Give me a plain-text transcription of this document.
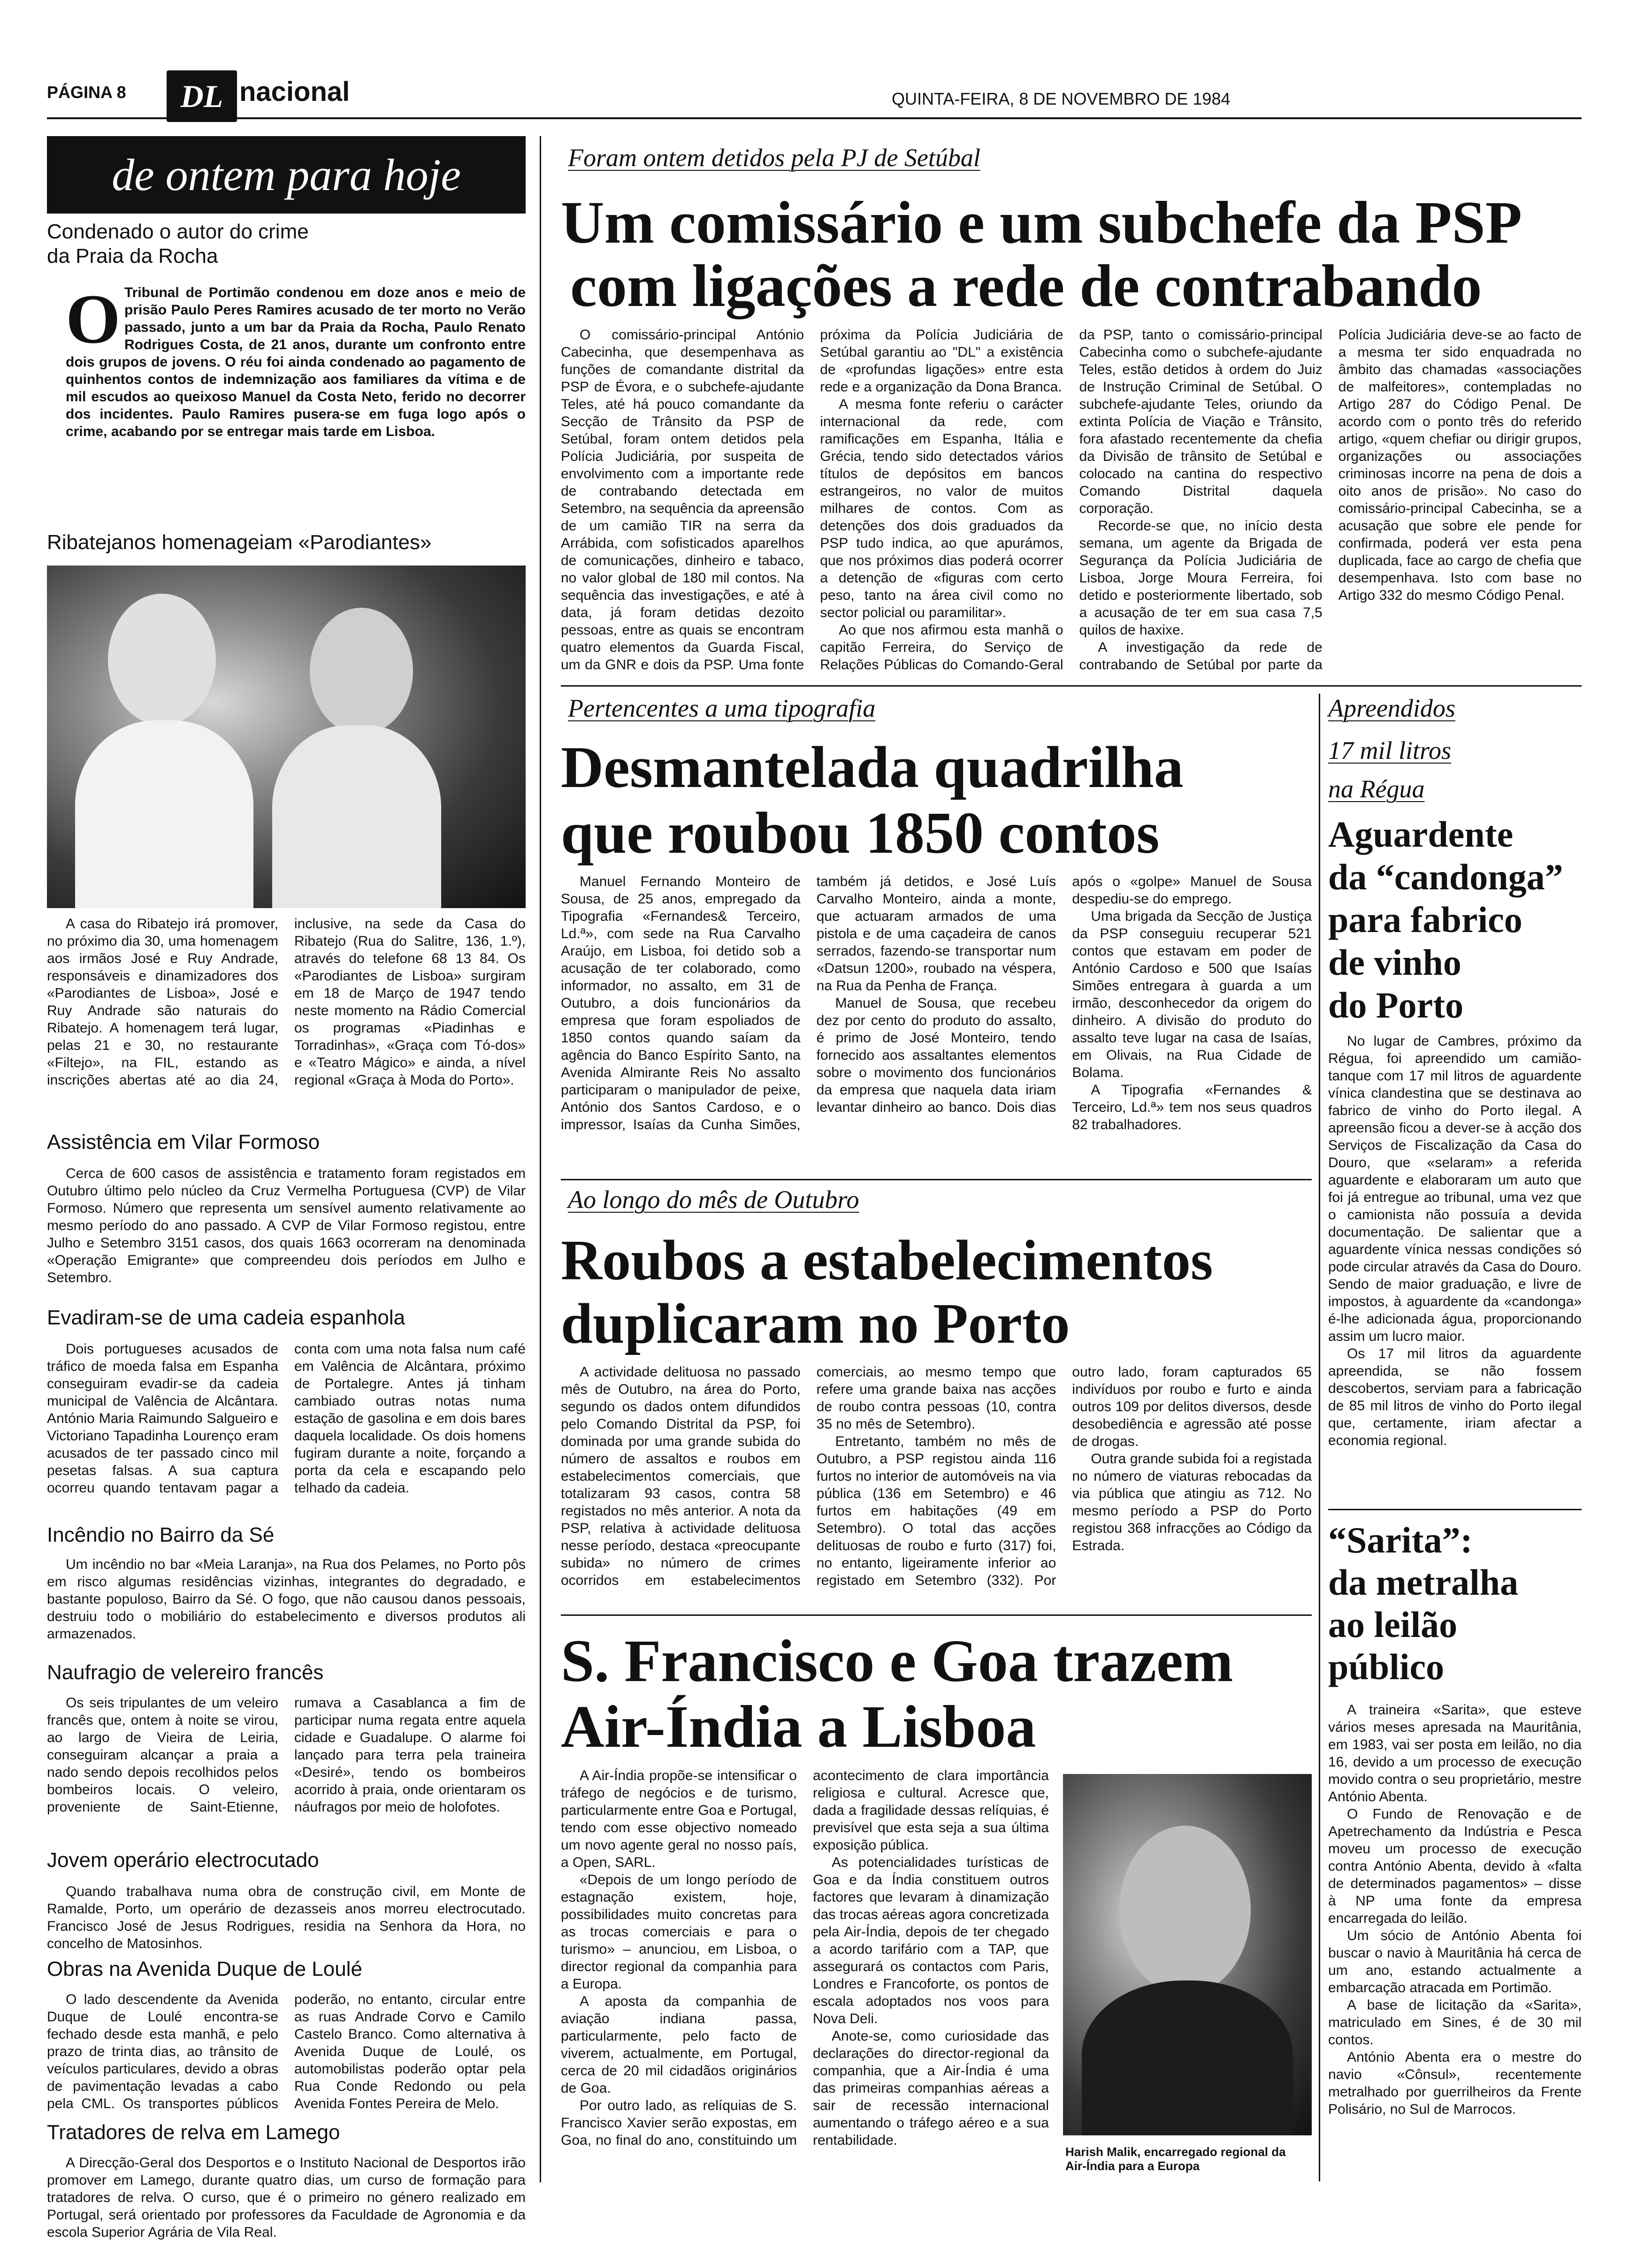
PÁGINA 8	DL nacional	QUINTA-FEIRA, 8 DE NOVEMBRO DE 1984
de ontem para hoje
Condenado o autor do crime
da Praia da Rocha
O Tribunal de Portimão condenou em doze anos e meio de prisão Paulo Peres Ramires acusado de ter morto no Verão passado, junto a um bar da Praia da Rocha, Paulo Renato Rodrigues Costa, de 21 anos, durante um confronto entre dois grupos de jovens. O réu foi ainda condenado ao pagamento de quinhentos contos de indemnização aos familiares da vítima e de mil escudos ao queixoso Manuel da Costa Neto, ferido no decorrer dos incidentes. Paulo Ramires pusera-se em fuga logo após o crime, acabando por se entregar mais tarde em Lisboa.

Ribatejanos homenageiam «Parodiantes»

A casa do Ribatejo irá promover, no próximo dia 30, uma homenagem aos irmãos José e Ruy Andrade, responsáveis e dinamizadores dos «Parodiantes de Lisboa», José e Ruy Andrade são naturais do Ribatejo. A homenagem terá lugar, pelas 21 e 30, no restaurante «Filtejo», na FIL, estando as inscrições abertas até ao dia 24, inclusive, na sede da Casa do Ribatejo (Rua do Salitre, 136, 1.º), através do telefone 68 13 84. Os «Parodiantes de Lisboa» surgiram em 18 de Março de 1947 tendo neste momento na Rádio Comercial os programas «Piadinhas e Torradinhas», «Graça com Tó-dos» e «Teatro Mágico» e ainda, a nível regional «Graça à Moda do Porto».

Assistência em Vilar Formoso

Cerca de 600 casos de assistência e tratamento foram registados em Outubro último pelo núcleo da Cruz Vermelha Portuguesa (CVP) de Vilar Formoso. Número que representa um sensível aumento relativamente ao mesmo período do ano passado. A CVP de Vilar Formoso registou, entre Julho e Setembro 3151 casos, dos quais 1663 ocorreram na denominada «Operação Emigrante» que compreendeu dois períodos em Julho e Setembro.

Evadiram-se de uma cadeia espanhola

Dois portugueses acusados de tráfico de moeda falsa em Espanha conseguiram evadir-se da cadeia municipal de Valência de Alcântara. António Maria Raimundo Salgueiro e Victoriano Tapadinha Lourenço eram acusados de ter passado cinco mil pesetas falsas. A sua captura ocorreu quando tentavam pagar a conta com uma nota falsa num café em Valência de Alcântara, próximo de Portalegre. Antes já tinham cambiado outras notas numa estação de gasolina e em dois bares daquela localidade. Os dois homens fugiram durante a noite, forçando a porta da cela e escapando pelo telhado da cadeia.

Incêndio no Bairro da Sé

Um incêndio no bar «Meia Laranja», na Rua dos Pelames, no Porto pôs em risco algumas residências vizinhas, integrantes do degradado, e bastante populoso, Bairro da Sé. O fogo, que não causou danos pessoais, destruiu todo o mobiliário do estabelecimento e diversos produtos ali armazenados.

Naufragio de velereiro francês

Os seis tripulantes de um veleiro francês que, ontem à noite se virou, ao largo de Vieira de Leiria, conseguiram alcançar a praia a nado sendo depois recolhidos pelos bombeiros locais. O veleiro, proveniente de Saint-Etienne, rumava a Casablanca a fim de participar numa regata entre aquela cidade e Guadalupe. O alarme foi lançado para terra pela traineira «Desiré», tendo os bombeiros acorrido à praia, onde orientaram os náufragos por meio de holofotes.

Jovem operário electrocutado

Quando trabalhava numa obra de construção civil, em Monte de Ramalde, Porto, um operário de dezasseis anos morreu electrocutado. Francisco José de Jesus Rodrigues, residia na Senhora da Hora, no concelho de Matosinhos.

Obras na Avenida Duque de Loulé

O lado descendente da Avenida Duque de Loulé encontra-se fechado desde esta manhã, e pelo prazo de trinta dias, ao trânsito de veículos particulares, devido a obras de pavimentação levadas a cabo pela CML. Os transportes públicos poderão, no entanto, circular entre as ruas Andrade Corvo e Camilo Castelo Branco. Como alternativa à Avenida Duque de Loulé, os automobilistas poderão optar pela Rua Conde Redondo ou pela Avenida Fontes Pereira de Melo.

Tratadores de relva em Lamego

A Direcção-Geral dos Desportos e o Instituto Nacional de Desportos irão promover em Lamego, durante quatro dias, um curso de formação para tratadores de relva. O curso, que é o primeiro no género realizado em Portugal, será orientado por professores da Faculdade de Agronomia e da escola Superior Agrária de Vila Real.

Foram ontem detidos pela PJ de Setúbal
Um comissário e um subchefe da PSP
com ligações a rede de contrabando

O comissário-principal António Cabecinha, que desempenhava as funções de comandante distrital da PSP de Évora, e o subchefe-ajudante Teles, até há pouco comandante da Secção de Trânsito da PSP de Setúbal, foram ontem detidos pela Polícia Judiciária, por suspeita de envolvimento com a importante rede de contrabando detectada em Setembro, na sequência da apreensão de um camião TIR na serra da Arrábida, com sofisticados aparelhos de comunicações, dinheiro e tabaco, no valor global de 180 mil contos. Na sequência das investigações, e até à data, já foram detidas dezoito pessoas, entre as quais se encontram quatro elementos da Guarda Fiscal, um da GNR e dois da PSP. Uma fonte próxima da Polícia Judiciária de Setúbal garantiu ao "DL" a existência de «profundas ligações» entre esta rede e a organização da Dona Branca.

A mesma fonte referiu o carácter internacional da rede, com ramificações em Espanha, Itália e Grécia, tendo sido detectados vários títulos de depósitos em bancos estrangeiros, no valor de muitos milhares de contos. Com as detenções dos dois graduados da PSP tudo indica, ao que apurámos, que nos próximos dias poderá ocorrer a detenção de «figuras com certo peso, tanto na área civil como no sector policial ou paramilitar».

Ao que nos afirmou esta manhã o capitão Ferreira, do Serviço de Relações Públicas do Comando-Geral da PSP, tanto o comissário-principal Cabecinha como o subchefe-ajudante Teles, estão detidos à ordem do Juiz de Instrução Criminal de Setúbal. O subchefe-ajudante Teles, oriundo da extinta Polícia de Viação e Trânsito, fora afastado recentemente da chefia da Divisão de trânsito de Setúbal e colocado na cantina do respectivo Comando Distrital daquela corporação.

Recorde-se que, no início desta semana, um agente da Brigada de Segurança da Polícia Judiciária de Lisboa, Jorge Moura Ferreira, foi detido e posteriormente libertado, sob a acusação de ter em sua casa 7,5 quilos de haxixe.

A investigação da rede de contrabando de Setúbal por parte da Polícia Judiciária deve-se ao facto de a mesma ter sido enquadrada no âmbito das chamadas «associações de malfeitores», contempladas no Artigo 287 do Código Penal. De acordo com o ponto três do referido artigo, «quem chefiar ou dirigir grupos, organizações ou associações criminosas incorre na pena de dois a oito anos de prisão». No caso do comissário-principal Cabecinha, se a acusação que sobre ele pende for confirmada, poderá ver esta pena duplicada, face ao cargo de chefia que desempenhava. Isto com base no Artigo 332 do mesmo Código Penal.

Pertencentes a uma tipografia
Desmantelada quadrilha
que roubou 1850 contos

Manuel Fernando Monteiro de Sousa, de 25 anos, empregado da Tipografia «Fernandes& Terceiro, Ld.ª», com sede na Rua Carvalho Araújo, em Lisboa, foi detido sob a acusação de ter colaborado, como informador, no assalto, em 31 de Outubro, a dois funcionários da empresa que foram espoliados de 1850 contos quando saíam da agência do Banco Espírito Santo, na Avenida Almirante Reis No assalto participaram o manipulador de peixe, António dos Santos Cardoso, e o impressor, Isaías da Cunha Simões, também já detidos, e José Luís Carvalho Monteiro, ainda a monte, que actuaram armados de uma pistola e de uma caçadeira de canos serrados, fazendo-se transportar num «Datsun 1200», roubado na véspera, na Rua da Penha de França.

Manuel de Sousa, que recebeu dez por cento do produto do assalto, é primo de José Monteiro, tendo fornecido aos assaltantes elementos sobre o movimento dos funcionários da empresa que naquela data iriam levantar dinheiro ao banco. Dois dias após o «golpe» Manuel de Sousa despediu-se do emprego.

Uma brigada da Secção de Justiça da PSP conseguiu recuperar 521 contos que estavam em poder de António Cardoso e 500 que Isaías Simões entregara à guarda a um irmão, desconhecedor da origem do dinheiro. A divisão do produto do assalto teve lugar na casa de Isaías, em Olivais, na Rua Cidade de Bolama.

A Tipografia «Fernandes & Terceiro, Ld.ª» tem nos seus quadros 82 trabalhadores.

Ao longo do mês de Outubro
Roubos a estabelecimentos
duplicaram no Porto

A actividade delituosa no passado mês de Outubro, na área do Porto, segundo os dados ontem difundidos pelo Comando Distrital da PSP, foi dominada por uma grande subida do número de assaltos e roubos em estabelecimentos comerciais, que totalizaram 93 casos, contra 58 registados no mês anterior. A nota da PSP, relativa à actividade delituosa nesse período, destaca «preocupante subida» no número de crimes ocorridos em estabelecimentos comerciais, ao mesmo tempo que refere uma grande baixa nas acções de roubo contra pessoas (10, contra 35 no mês de Setembro).

Entretanto, também no mês de Outubro, a PSP registou ainda 116 furtos no interior de automóveis na via pública (136 em Setembro) e 46 furtos em habitações (49 em Setembro). O total das acções delituosas de roubo e furto (317) foi, no entanto, ligeiramente inferior ao registado em Setembro (332). Por outro lado, foram capturados 65 indivíduos por roubo e furto e ainda outros 109 por delitos diversos, desde desobediência e agressão até posse de drogas.

Outra grande subida foi a registada no número de viaturas rebocadas da via pública que atingiu as 712. No mesmo período a PSP do Porto registou 368 infracções ao Código da Estrada.

S. Francisco e Goa trazem
Air-Índia a Lisboa

A Air-Índia propõe-se intensificar o tráfego de negócios e de turismo, particularmente entre Goa e Portugal, tendo com esse objectivo nomeado um novo agente geral no nosso país, a Open, SARL.

«Depois de um longo período de estagnação existem, hoje, possibilidades muito concretas para as trocas comerciais e para o turismo» – anunciou, em Lisboa, o director regional da companhia para a Europa.

A aposta da companhia de aviação indiana passa, particularmente, pelo facto de viverem, actualmente, em Portugal, cerca de 20 mil cidadãos originários de Goa.

Por outro lado, as relíquias de S. Francisco Xavier serão expostas, em Goa, no final do ano, constituindo um acontecimento de clara importância religiosa e cultural. Acresce que, dada a fragilidade dessas relíquias, é previsível que esta seja a sua última exposição pública.

As potencialidades turísticas de Goa e da Índia constituem outros factores que levaram à dinamização das trocas aéreas agora concretizada pela Air-Índia, depois de ter chegado a acordo tarifário com a TAP, que assegurará os contactos com Paris, Londres e Francoforte, os pontos de escala adoptados nos voos para Nova Deli.

Anote-se, como curiosidade das declarações do director-regional da companhia, que a Air-Índia é uma das primeiras companhias aéreas a sair de recessão internacional aumentando o tráfego aéreo e a sua rentabilidade.

Harish Malik, encarregado regional da Air-Índia para a Europa
Apreendidos
17 mil litros
na Régua
Aguardente
da “candonga”
para fabrico
de vinho
do Porto

No lugar de Cambres, próximo da Régua, foi apreendido um camião-tanque com 17 mil litros de aguardente vínica clandestina que se destinava ao fabrico de vinho do Porto ilegal. A apreensão ficou a dever-se à acção dos Serviços de Fiscalização da Casa do Douro, que «selaram» a referida aguardente e elaboraram um auto que foi já entregue ao tribunal, uma vez que o camionista não possuía a devida documentação. De salientar que a aguardente vínica nessas condições só pode circular através da Casa do Douro. Sendo de maior graduação, e livre de impostos, à aguardente da «candonga» é-lhe adicionada água, proporcionando assim um lucro maior.

Os 17 mil litros da aguardente apreendida, se não fossem descobertos, serviam para a fabricação de 85 mil litros de vinho do Porto ilegal que, certamente, iriam afectar a economia regional.

“Sarita”:
da metralha
ao leilão
público

A traineira «Sarita», que esteve vários meses apresada na Mauritânia, em 1983, vai ser posta em leilão, no dia 16, devido a um processo de execução movido contra o seu proprietário, mestre António Abenta.

O Fundo de Renovação e de Apetrechamento da Indústria e Pesca moveu um processo de execução contra António Abenta, devido à «falta de determinados pagamentos» – disse à NP uma fonte da empresa encarregada do leilão.

Um sócio de António Abenta foi buscar o navio à Mauritânia há cerca de um ano, estando actualmente a embarcação atracada em Portimão.

A base de licitação da «Sarita», matriculado em Sines, é de 30 mil contos.

António Abenta era o mestre do navio «Cônsul», recentemente metralhado por guerrilheiros da Frente Polisário, no Sul de Marrocos.
